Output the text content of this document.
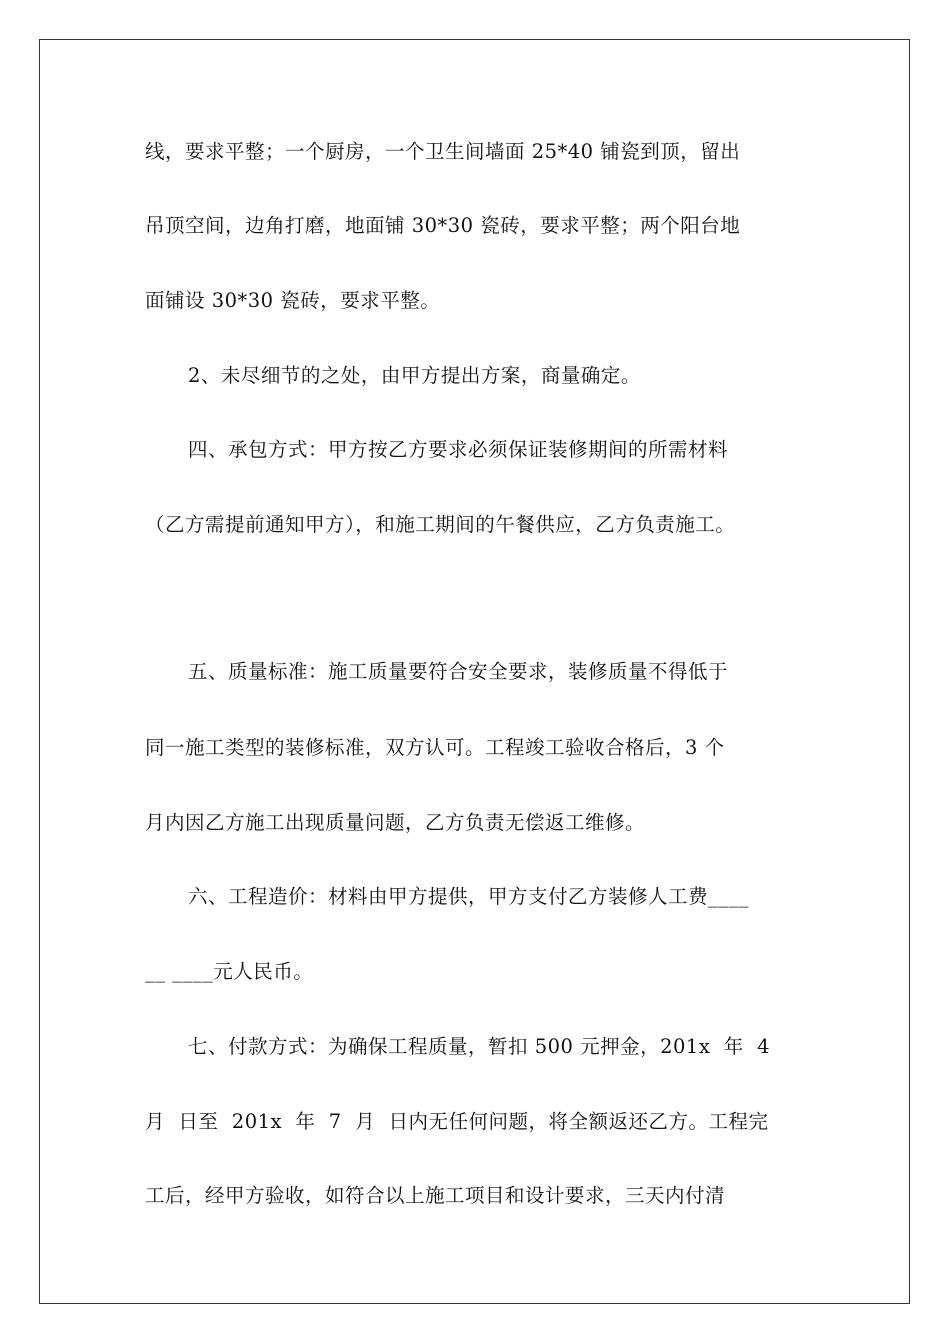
线，要求平整；一个厨房，一个卫生间墙面 25*40 铺瓷到顶，留出
吊顶空间，边角打磨，地面铺 30*30 瓷砖，要求平整；两个阳台地
面铺设 30*30 瓷砖，要求平整。
2、未尽细节的之处，由甲方提出方案，商量确定。
四、承包方式：甲方按乙方要求必须保证装修期间的所需材料
（乙方需提前通知甲方），和施工期间的午餐供应，乙方负责施工。
五、质量标准：施工质量要符合安全要求，装修质量不得低于
同一施工类型的装修标准，双方认可。工程竣工验收合格后，3 个
月内因乙方施工出现质量问题，乙方负责无偿返工维修。
六、工程造价：材料由甲方提供，甲方支付乙方装修人工费____
__ ____元人民币。
七、付款方式：为确保工程质量，暂扣 500 元押金，201x  年  4
月  日至  201x  年  7  月  日内无任何问题，将全额返还乙方。工程完
工后，经甲方验收，如符合以上施工项目和设计要求，三天内付清
